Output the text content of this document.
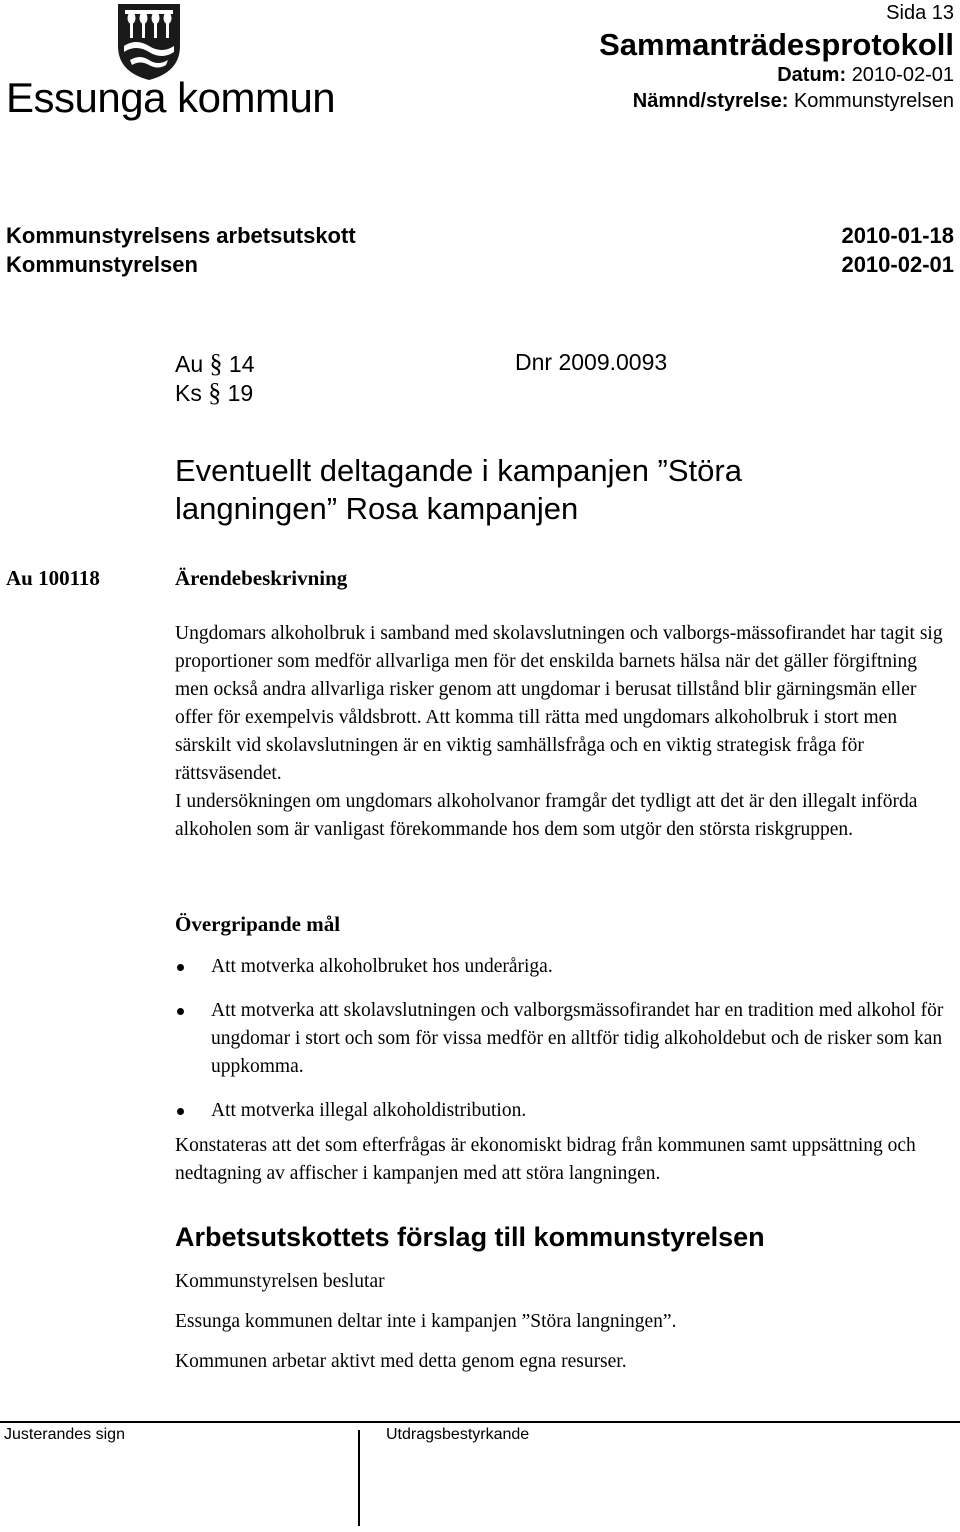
Essunga kommun
Sida 13
Sammanträdesprotokoll
Datum: 2010-02-01
Nämnd/styrelse: Kommunstyrelsen
Kommunstyrelsens arbetsutskott	2010-01-18
Kommunstyrelsen	2010-02-01
Au § 14	Dnr 2009.0093
Ks § 19
Eventuellt deltagande i kampanjen ”Störa langningen” Rosa kampanjen
Au 100118	Ärendebeskrivning

Ungdomars alkoholbruk i samband med skolavslutningen och valborgs-mässofirandet har tagit sig proportioner som medför allvarliga men för det enskilda barnets hälsa när det gäller förgiftning men också andra allvarliga risker genom att ungdomar i berusat tillstånd blir gärningsmän eller offer för exempelvis våldsbrott. Att komma till rätta med ungdomars alkoholbruk i stort men särskilt vid skolavslutningen är en viktig samhällsfråga och en viktig strategisk fråga för rättsväsendet.

I undersökningen om ungdomars alkoholvanor framgår det tydligt att det är den illegalt införda alkoholen som är vanligast förekommande hos dem som utgör den största riskgruppen.

Övergripande mål
Att motverka alkoholbruket hos underåriga.
Att motverka att skolavslutningen och valborgsmässofirandet har en tradition med alkohol för ungdomar i stort och som för vissa medför en alltför tidig alkoholdebut och de risker som kan uppkomma.
Att motverka illegal alkoholdistribution.
Konstateras att det som efterfrågas är ekonomiskt bidrag från kommunen samt uppsättning och nedtagning av affischer i kampanjen med att störa langningen.
Arbetsutskottets förslag till kommunstyrelsen
Kommunstyrelsen beslutar
Essunga kommunen deltar inte i kampanjen ”Störa langningen”.
Kommunen arbetar aktivt med detta genom egna resurser.
Justerandes sign	Utdragsbestyrkande
